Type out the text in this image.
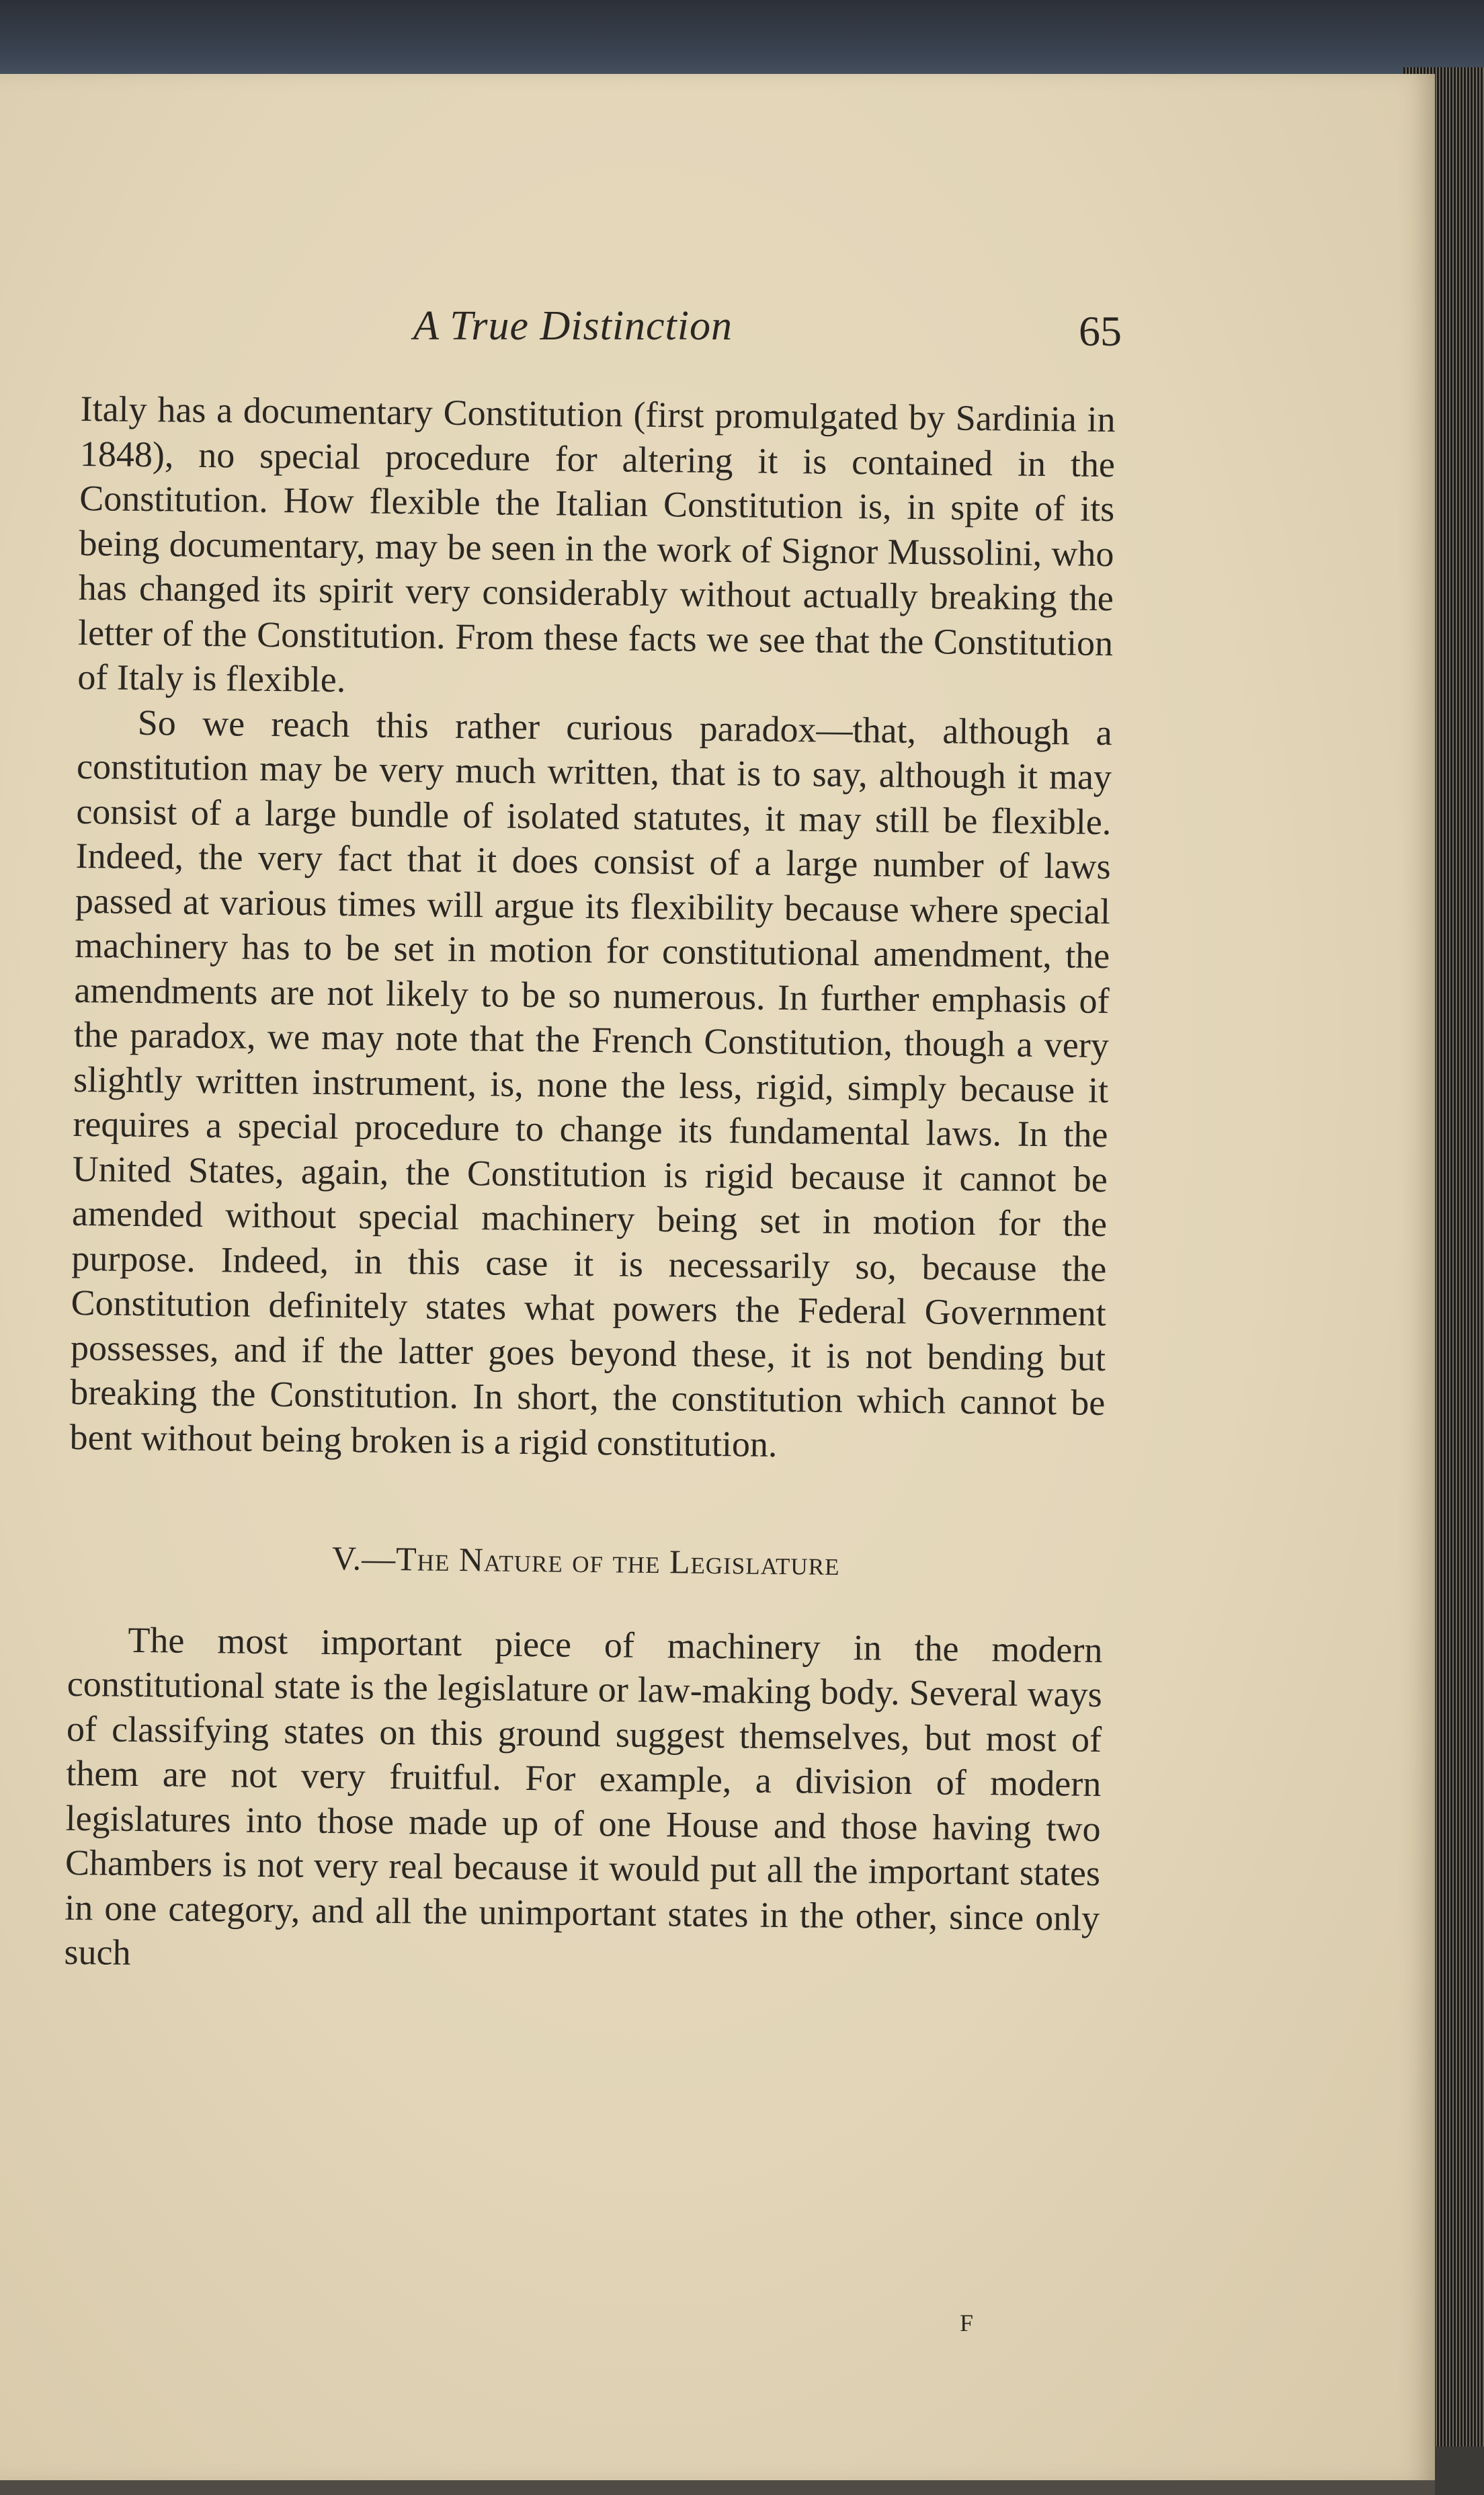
A True Distinction	65

Italy has a documentary Constitution (first promulgated by Sardinia in 1848), no special procedure for altering it is contained in the Constitution. How flexible the Italian Constitution is, in spite of its being documentary, may be seen in the work of Signor Mussolini, who has changed its spirit very considerably without actually breaking the letter of the Constitution. From these facts we see that the Constitution of Italy is flexible.

So we reach this rather curious paradox—that, although a constitution may be very much written, that is to say, although it may consist of a large bundle of isolated statutes, it may still be flexible. Indeed, the very fact that it does consist of a large number of laws passed at various times will argue its flexibility because where special machinery has to be set in motion for constitutional amendment, the amendments are not likely to be so numerous. In further emphasis of the paradox, we may note that the French Constitution, though a very slightly written instrument, is, none the less, rigid, simply because it requires a special procedure to change its fundamental laws. In the United States, again, the Constitution is rigid because it cannot be amended without special machinery being set in motion for the purpose. Indeed, in this case it is necessarily so, because the Constitution definitely states what powers the Federal Government possesses, and if the latter goes beyond these, it is not bending but breaking the Constitution. In short, the constitution which cannot be bent without being broken is a rigid constitution.

V.—The Nature of the Legislature

The most important piece of machinery in the modern constitutional state is the legislature or law-making body. Several ways of classifying states on this ground suggest themselves, but most of them are not very fruitful. For example, a division of modern legislatures into those made up of one House and those having two Chambers is not very real because it would put all the important states in one category, and all the unimportant states in the other, since only such

F
